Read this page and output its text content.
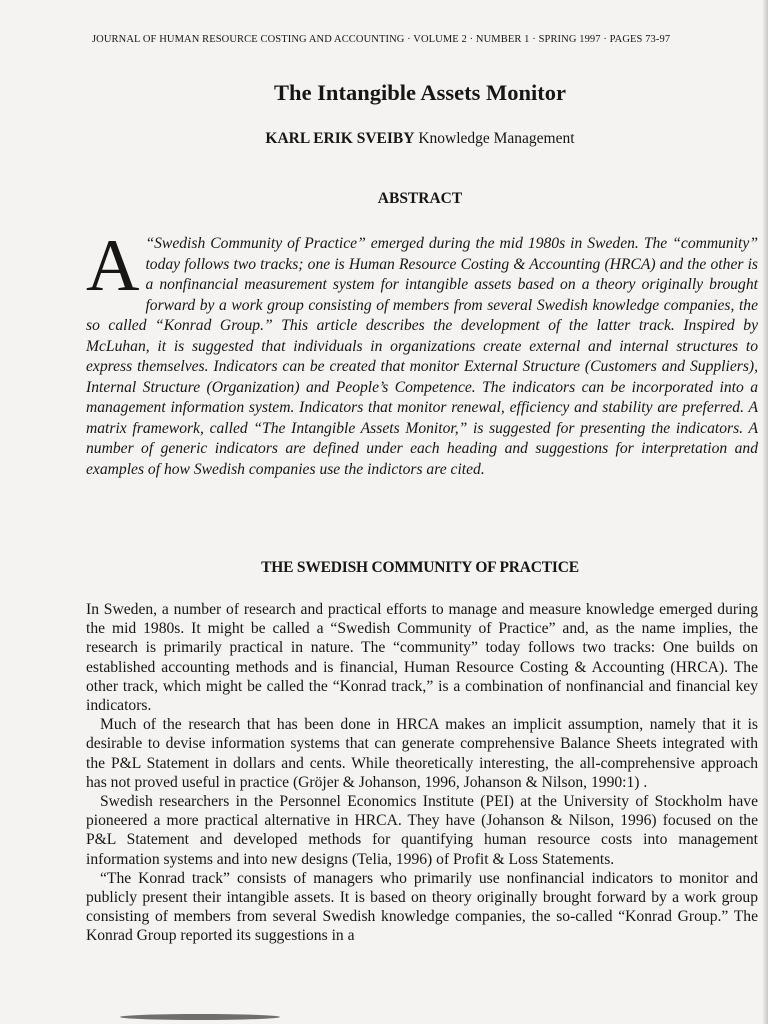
JOURNAL OF HUMAN RESOURCE COSTING AND ACCOUNTING · VOLUME 2 · NUMBER 1 · SPRING 1997 · PAGES 73-97
The Intangible Assets Monitor
KARL ERIK SVEIBY Knowledge Management
ABSTRACT
A “Swedish Community of Practice” emerged during the mid 1980s in Sweden. The “community” today follows two tracks; one is Human Resource Costing & Accounting (HRCA) and the other is a nonfinancial measurement system for intangible assets based on a theory originally brought forward by a work group consisting of members from several Swedish knowledge companies, the so called “Konrad Group.” This article describes the development of the latter track. Inspired by McLuhan, it is suggested that individuals in organizations create external and internal structures to express themselves. Indicators can be created that monitor External Structure (Customers and Suppliers), Internal Structure (Organization) and People’s Competence. The indicators can be incorporated into a management information system. Indicators that monitor renewal, efficiency and stability are preferred. A matrix framework, called “The Intangible Assets Monitor,” is suggested for presenting the indicators. A number of generic indicators are defined under each heading and suggestions for interpretation and examples of how Swedish companies use the indictors are cited.
THE SWEDISH COMMUNITY OF PRACTICE

In Sweden, a number of research and practical efforts to manage and measure knowledge emerged during the mid 1980s. It might be called a “Swedish Community of Practice” and, as the name implies, the research is primarily practical in nature. The “community” today follows two tracks: One builds on established accounting methods and is financial, Human Resource Costing & Accounting (HRCA). The other track, which might be called the “Konrad track,” is a combination of nonfinancial and financial key indicators.

Much of the research that has been done in HRCA makes an implicit assumption, namely that it is desirable to devise information systems that can generate comprehensive Balance Sheets integrated with the P&L Statement in dollars and cents. While theoretically interesting, the all-comprehensive approach has not proved useful in practice (Gröjer & Johanson, 1996, Johanson & Nilson, 1990:1) .

Swedish researchers in the Personnel Economics Institute (PEI) at the University of Stockholm have pioneered a more practical alternative in HRCA. They have (Johanson & Nilson, 1996) focused on the P&L Statement and developed methods for quantifying human resource costs into management information systems and into new designs (Telia, 1996) of Profit & Loss Statements.

“The Konrad track” consists of managers who primarily use nonfinancial indicators to monitor and publicly present their intangible assets. It is based on theory originally brought forward by a work group consisting of members from several Swedish knowledge companies, the so-called “Konrad Group.” The Konrad Group reported its suggestions in a
